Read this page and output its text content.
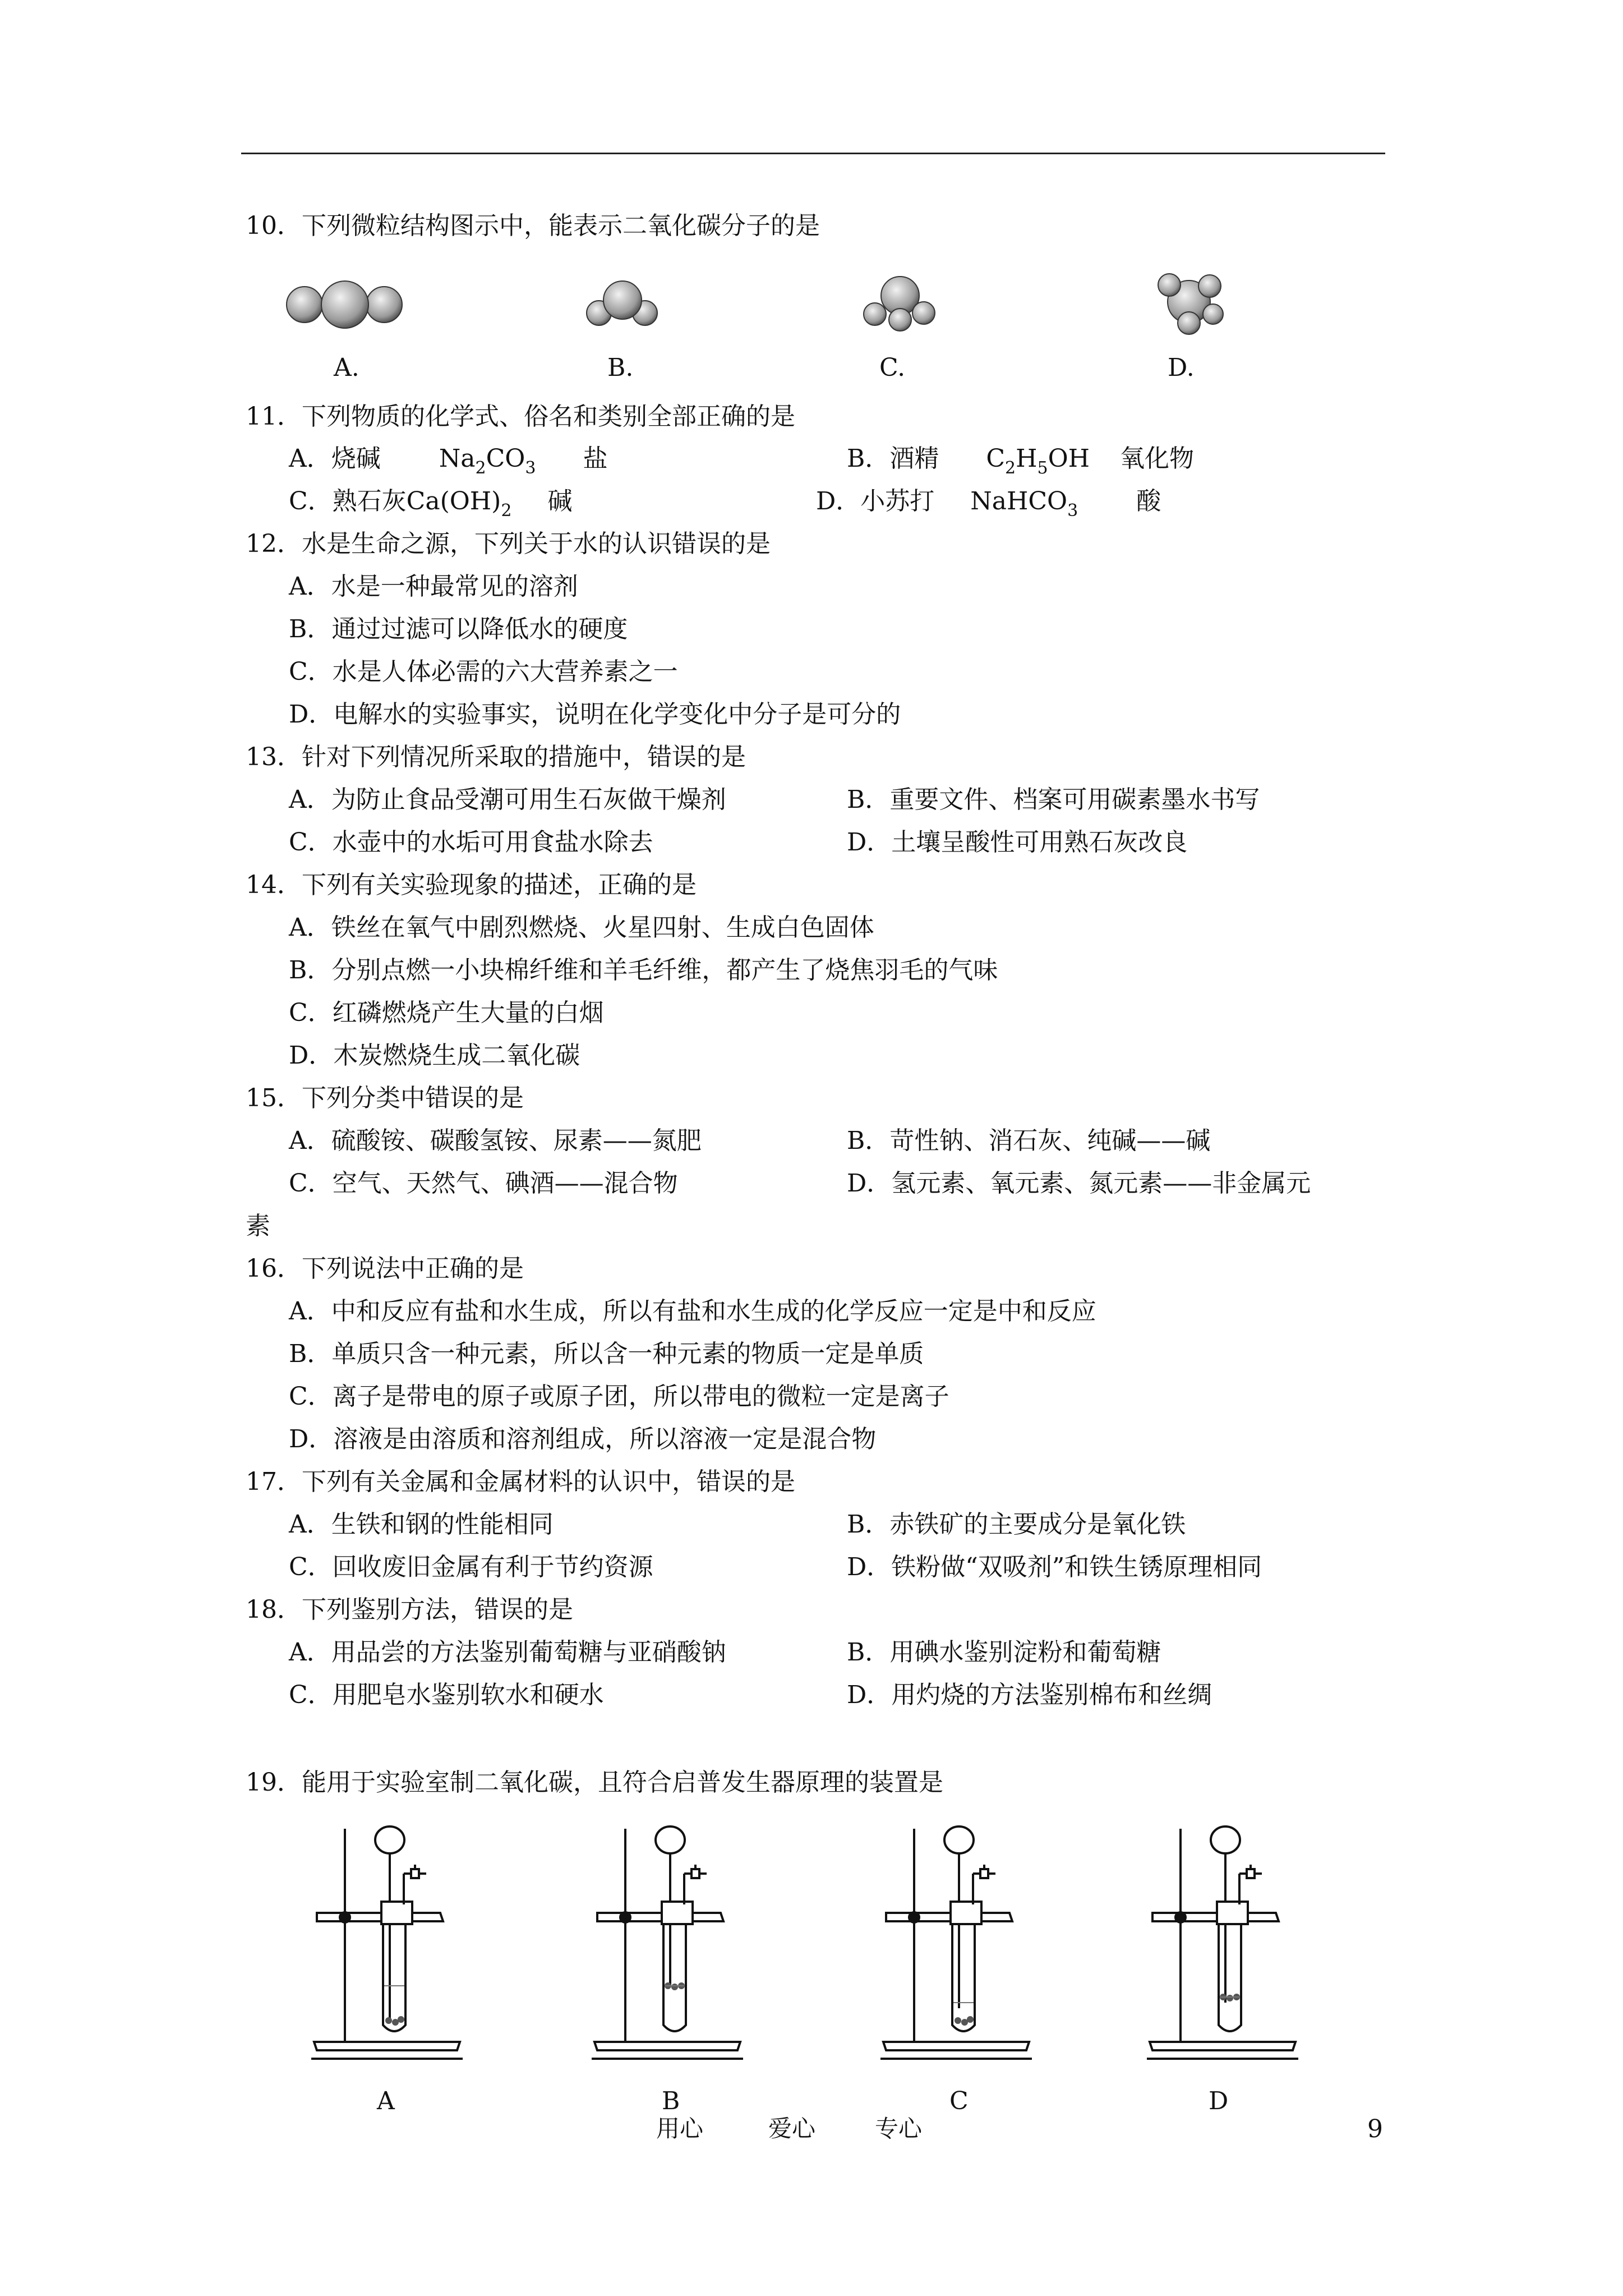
10．下列微粒结构图示中，能表示二氧化碳分子的是
A.	B.	C.	D.
11．下列物质的化学式、俗名和类别全部正确的是
A．烧碱 $Na_2CO_3$ 盐	B．酒精 $C_2H_5OH$ 氧化物
C．熟石灰$Ca(OH)_2$ 碱	D．小苏打 NaHCO$_3$ 酸
12．水是生命之源，下列关于水的认识错误的是
A．水是一种最常见的溶剂
B．通过过滤可以降低水的硬度
C．水是人体必需的六大营养素之一
D．电解水的实验事实，说明在化学变化中分子是可分的
13．针对下列情况所采取的措施中，错误的是
A．为防止食品受潮可用生石灰做干燥剂	B．重要文件、档案可用碳素墨水书写
C．水壶中的水垢可用食盐水除去	D．土壤呈酸性可用熟石灰改良
14．下列有关实验现象的描述，正确的是
A．铁丝在氧气中剧烈燃烧、火星四射、生成白色固体
B．分别点燃一小块棉纤维和羊毛纤维，都产生了烧焦羽毛的气味
C．红磷燃烧产生大量的白烟
D．木炭燃烧生成二氧化碳
15．下列分类中错误的是
A．硫酸铵、碳酸氢铵、尿素——氮肥	B．苛性钠、消石灰、纯碱——碱
C．空气、天然气、碘酒——混合物	D．氢元素、氧元素、氮元素——非金属元
素
16．下列说法中正确的是
A．中和反应有盐和水生成，所以有盐和水生成的化学反应一定是中和反应
B．单质只含一种元素，所以含一种元素的物质一定是单质
C．离子是带电的原子或原子团，所以带电的微粒一定是离子
D．溶液是由溶质和溶剂组成，所以溶液一定是混合物
17．下列有关金属和金属材料的认识中，错误的是
A．生铁和钢的性能相同	B．赤铁矿的主要成分是氧化铁
C．回收废旧金属有利于节约资源	D．铁粉做“双吸剂”和铁生锈原理相同
18．下列鉴别方法，错误的是
A．用品尝的方法鉴别葡萄糖与亚硝酸钠	B．用碘水鉴别淀粉和葡萄糖
C．用肥皂水鉴别软水和硬水	D．用灼烧的方法鉴别棉布和丝绸
19．能用于实验室制二氧化碳，且符合启普发生器原理的装置是
A	B	C	D
用心	爱心	专心	9
